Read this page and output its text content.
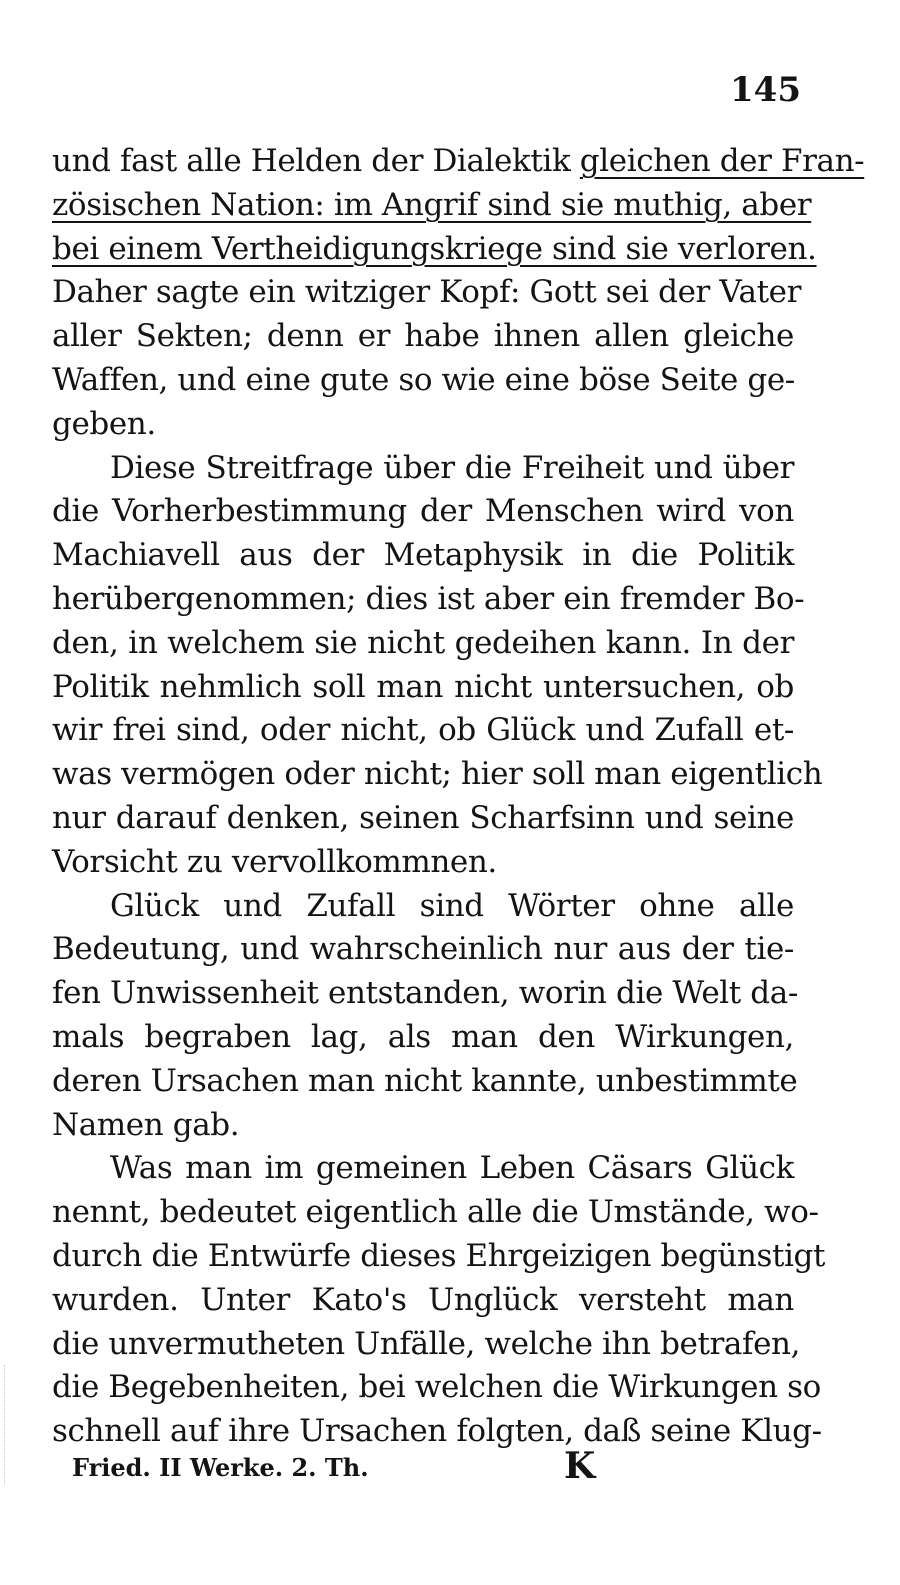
145
und fast alle Helden der Dialektik gleichen der Fran-
zösischen Nation: im Angrif sind sie muthig, aber
bei einem Vertheidigungskriege sind sie verloren.
Daher sagte ein witziger Kopf: Gott sei der Vater
aller Sekten; denn er habe ihnen allen gleiche
Waffen, und eine gute so wie eine böse Seite ge-
geben.
Diese Streitfrage über die Freiheit und über
die Vorherbestimmung der Menschen wird von
Machiavell aus der Metaphysik in die Politik
herübergenommen; dies ist aber ein fremder Bo-
den, in welchem sie nicht gedeihen kann. In der
Politik nehmlich soll man nicht untersuchen, ob
wir frei sind, oder nicht, ob Glück und Zufall et-
was vermögen oder nicht; hier soll man eigentlich
nur darauf denken, seinen Scharfsinn und seine
Vorsicht zu vervollkommnen.
Glück und Zufall sind Wörter ohne alle
Bedeutung, und wahrscheinlich nur aus der tie-
fen Unwissenheit entstanden, worin die Welt da-
mals begraben lag, als man den Wirkungen,
deren Ursachen man nicht kannte, unbestimmte
Namen gab.
Was man im gemeinen Leben Cäsars Glück
nennt, bedeutet eigentlich alle die Umstände, wo-
durch die Entwürfe dieses Ehrgeizigen begünstigt
wurden. Unter Kato's Unglück versteht man
die unvermutheten Unfälle, welche ihn betrafen,
die Begebenheiten, bei welchen die Wirkungen so
schnell auf ihre Ursachen folgten, daß seine Klug-
Fried. II Werke. 2. Th.	K
